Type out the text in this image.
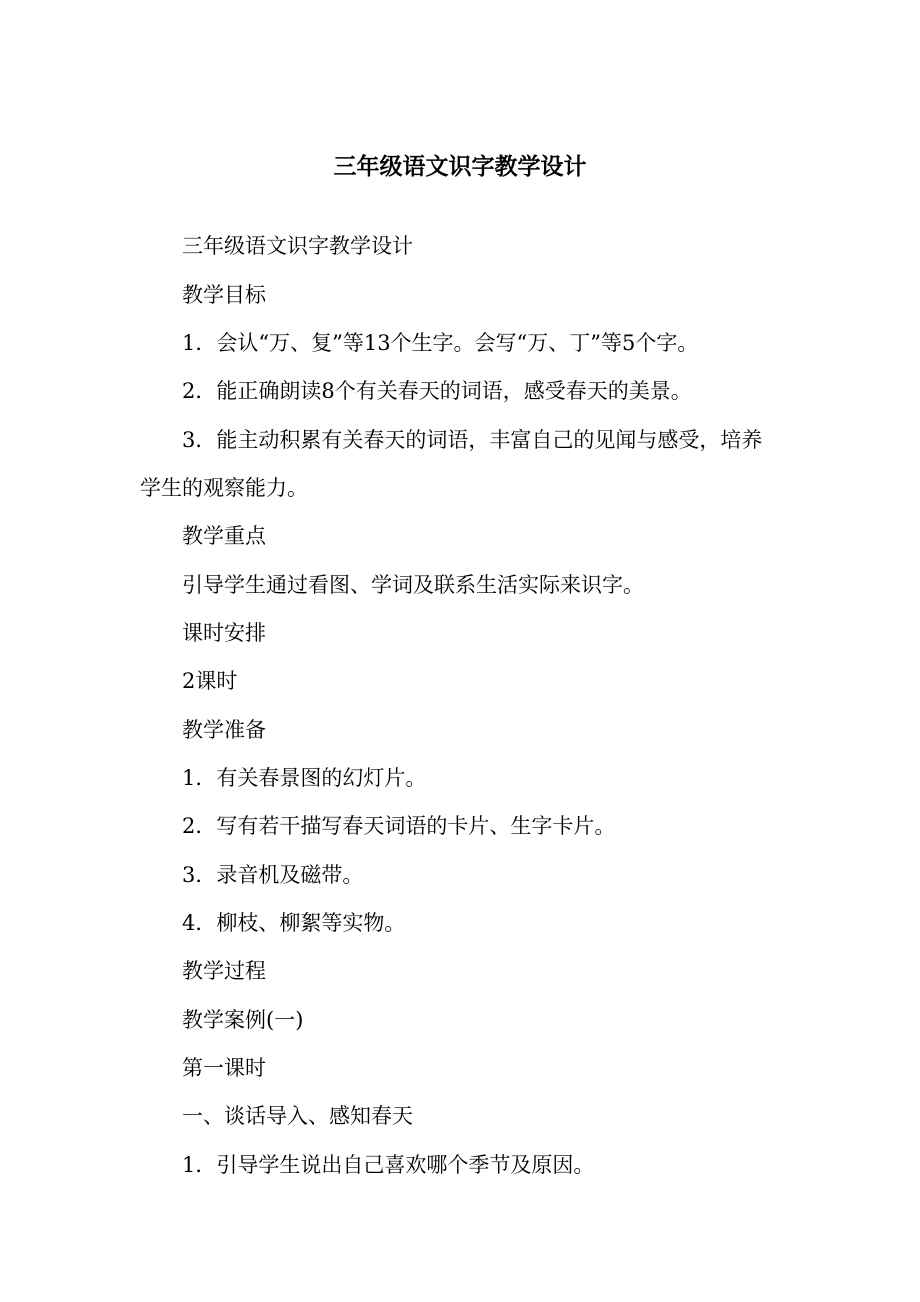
三年级语文识字教学设计

三年级语文识字教学设计

教学目标

1．会认“万、复”等13个生字。会写“万、丁”等5个字。

2．能正确朗读8个有关春天的词语，感受春天的美景。

3．能主动积累有关春天的词语，丰富自己的见闻与感受，培养

学生的观察能力。

教学重点

引导学生通过看图、学词及联系生活实际来识字。

课时安排

2课时

教学准备

1．有关春景图的幻灯片。

2．写有若干描写春天词语的卡片、生字卡片。

3．录音机及磁带。

4．柳枝、柳絮等实物。

教学过程

教学案例(一)

第一课时

一、谈话导入、感知春天

1．引导学生说出自己喜欢哪个季节及原因。
